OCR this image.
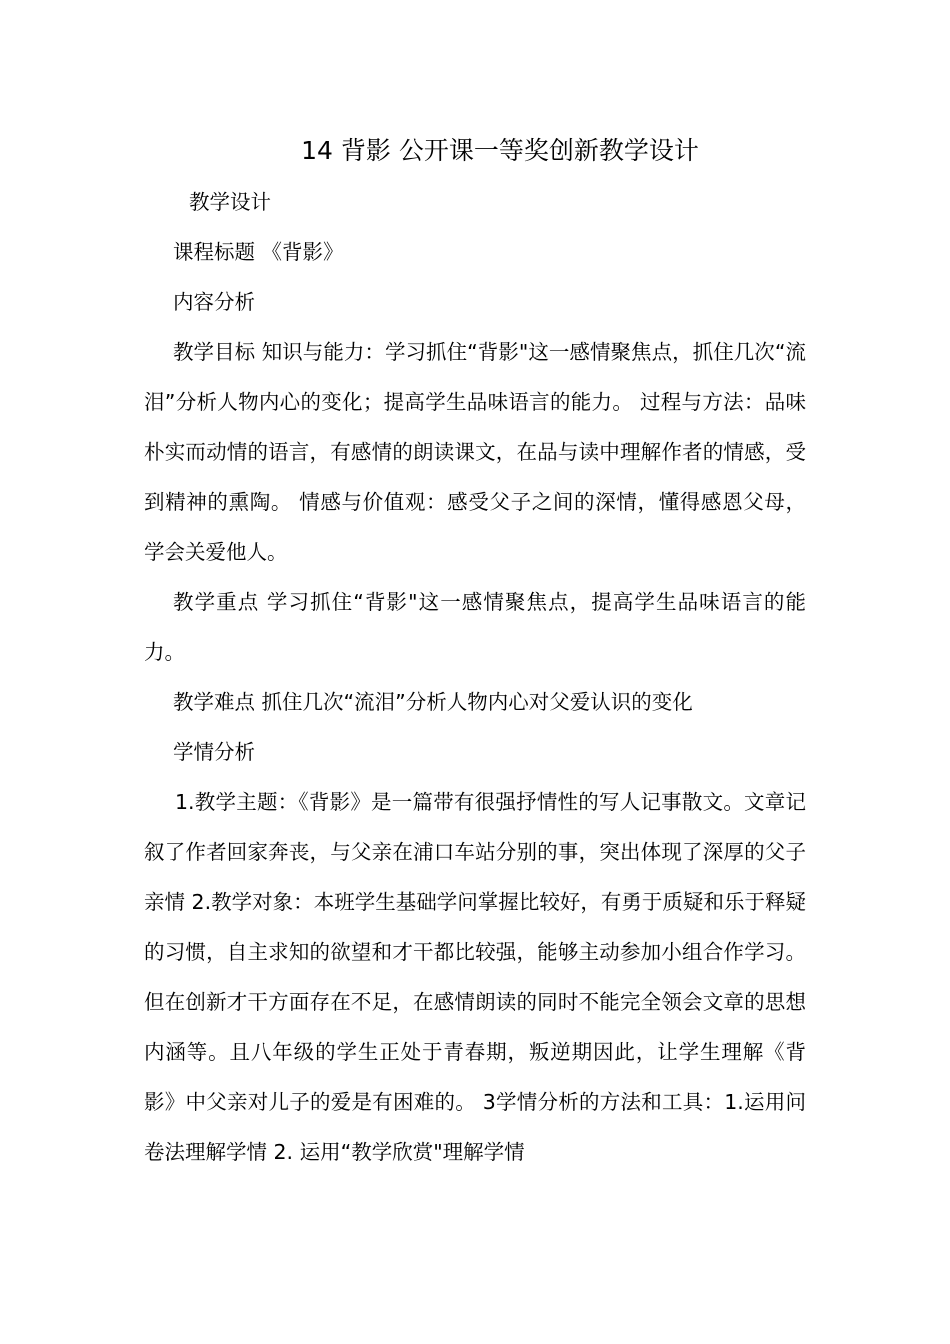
14 背影 公开课一等奖创新教学设计

教学设计

课程标题 《背影》

内容分析

教学目标 知识与能力：学习抓住“背影"这一感情聚焦点，抓住几次“流泪”分析人物内心的变化；提高学生品味语言的能力。 过程与方法：品味朴实而动情的语言，有感情的朗读课文，在品与读中理解作者的情感，受到精神的熏陶。 情感与价值观：感受父子之间的深情，懂得感恩父母，学会关爱他人。

教学重点 学习抓住“背影"这一感情聚焦点，提高学生品味语言的能力。

教学难点 抓住几次“流泪”分析人物内心对父爱认识的变化

学情分析

1.教学主题：《背影》是一篇带有很强抒情性的写人记事散文。文章记叙了作者回家奔丧，与父亲在浦口车站分别的事，突出体现了深厚的父子亲情 2.教学对象：本班学生基础学问掌握比较好，有勇于质疑和乐于释疑的习惯，自主求知的欲望和才干都比较强，能够主动参加小组合作学习。但在创新才干方面存在不足，在感情朗读的同时不能完全领会文章的思想内涵等。且八年级的学生正处于青春期，叛逆期因此，让学生理解《背影》中父亲对儿子的爱是有困难的。 3学情分析的方法和工具：1.运用问卷法理解学情 2. 运用“教学欣赏"理解学情
